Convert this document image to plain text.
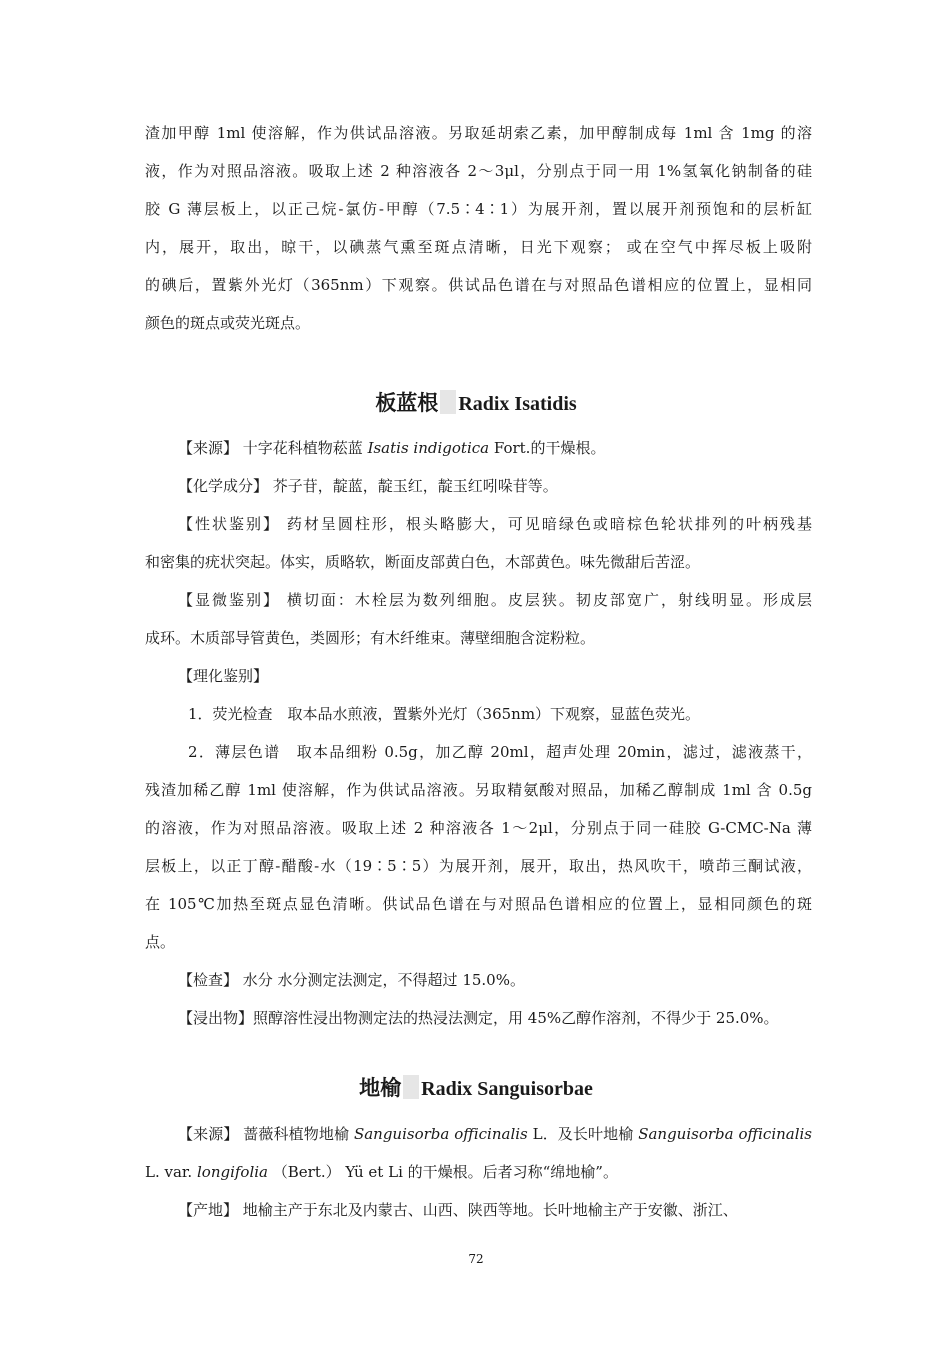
渣加甲醇 1ml 使溶解，作为供试品溶液。另取延胡索乙素，加甲醇制成每 1ml 含 1mg 的溶
液，作为对照品溶液。吸取上述 2 种溶液各 2～3μl，分别点于同一用 1%氢氧化钠制备的硅
胶 G 薄层板上，以正己烷-氯仿-甲醇（7.5∶4∶1）为展开剂，置以展开剂预饱和的层析缸
内，展开，取出，晾干，以碘蒸气熏至斑点清晰，日光下观察； 或在空气中挥尽板上吸附
的碘后，置紫外光灯（365nm）下观察。供试品色谱在与对照品色谱相应的位置上，显相同
颜色的斑点或荧光斑点。
板蓝根 Radix Isatidis
【来源】 十字花科植物菘蓝 Isatis indigotica Fort.的干燥根。
【化学成分】 芥子苷，靛蓝，靛玉红，靛玉红吲哚苷等。
【性状鉴别】 药材呈圆柱形，根头略膨大，可见暗绿色或暗棕色轮状排列的叶柄残基
和密集的疣状突起。体实，质略软，断面皮部黄白色，木部黄色。味先微甜后苦涩。
【显微鉴别】 横切面：木栓层为数列细胞。皮层狭。韧皮部宽广，射线明显。形成层
成环。木质部导管黄色，类圆形；有木纤维束。薄壁细胞含淀粉粒。
【理化鉴别】
1．荧光检查　取本品水煎液，置紫外光灯（365nm）下观察，显蓝色荧光。
2．薄层色谱　取本品细粉 0.5g，加乙醇 20ml，超声处理 20min，滤过，滤液蒸干，
残渣加稀乙醇 1ml 使溶解，作为供试品溶液。另取精氨酸对照品，加稀乙醇制成 1ml 含 0.5g
的溶液，作为对照品溶液。吸取上述 2 种溶液各 1～2μl，分别点于同一硅胶 G-CMC-Na 薄
层板上，以正丁醇-醋酸-水（19∶5∶5）为展开剂，展开，取出，热风吹干，喷茚三酮试液，
在 105℃加热至斑点显色清晰。供试品色谱在与对照品色谱相应的位置上，显相同颜色的斑
点。
【检查】 水分 水分测定法测定，不得超过 15.0%。
【浸出物】照醇溶性浸出物测定法的热浸法测定，用 45%乙醇作溶剂，不得少于 25.0%。
地榆 Radix Sanguisorbae
【来源】 蔷薇科植物地榆 Sanguisorba officinalis L．及长叶地榆 Sanguisorba officinalis
L. var. longifolia （Bert.） Yü et Li 的干燥根。后者习称“绵地榆”。
【产地】 地榆主产于东北及内蒙古、山西、陕西等地。长叶地榆主产于安徽、浙江、
72
